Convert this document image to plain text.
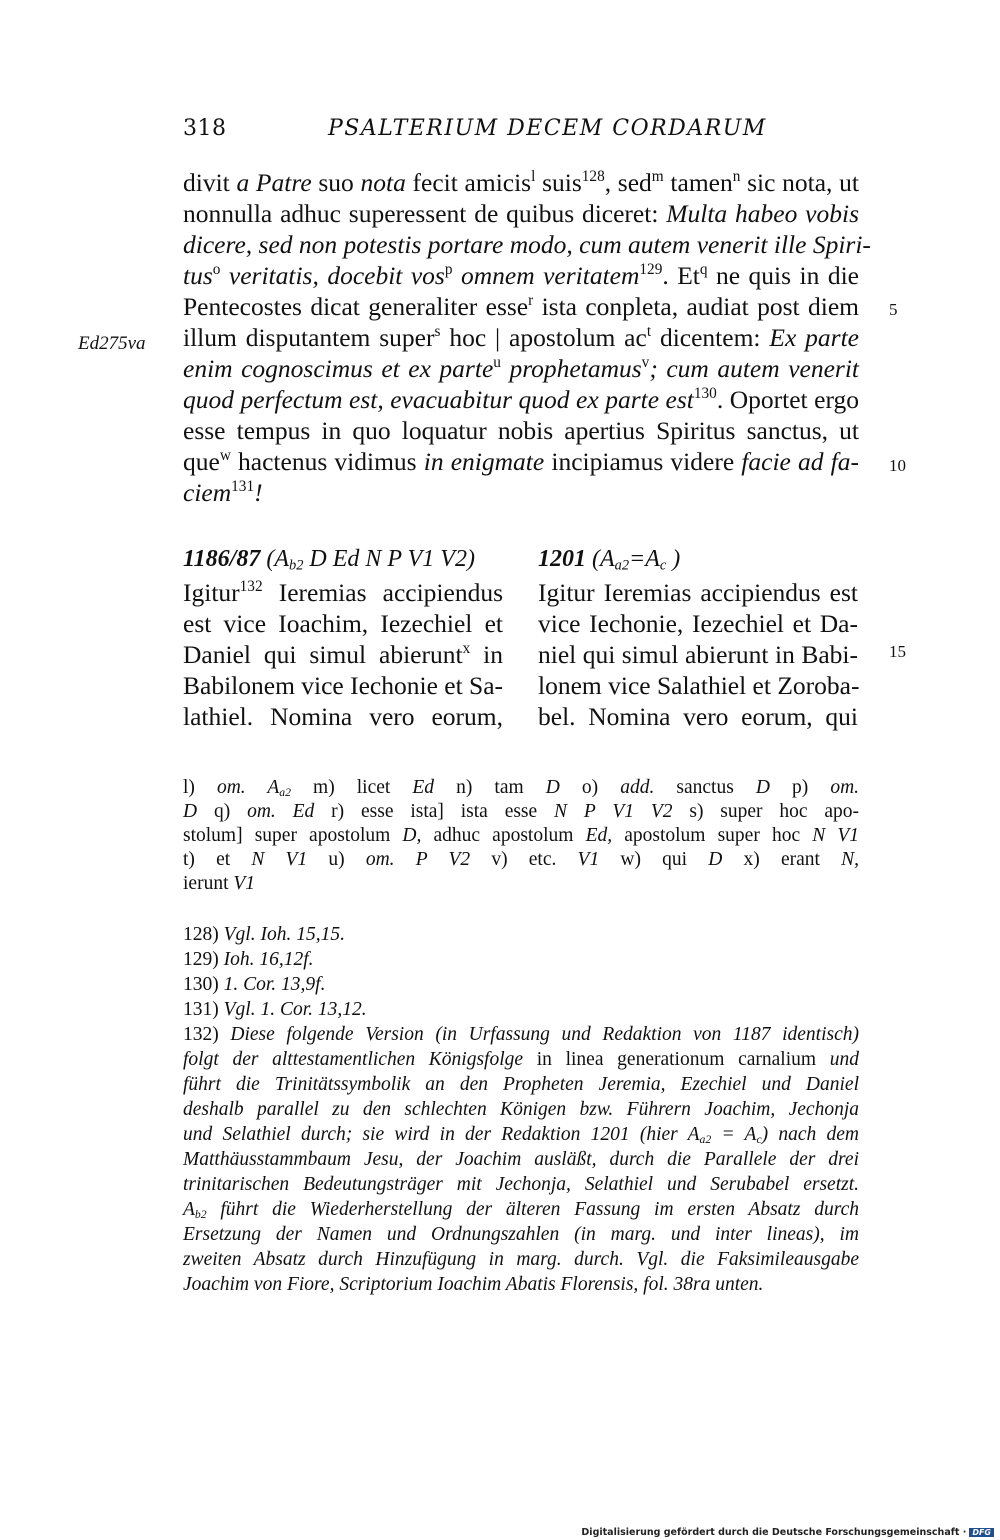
318	PSALTERIUM DECEM CORDARUM
Ed275va
5
10
15
divit a Patre suo nota fecit amicis$^l$ suis$^{128}$, sed$^m$ tamen$^n$ sic nota, ut
nonnulla adhuc superessent de quibus diceret: Multa habeo vobis
dicere, sed non potestis portare modo, cum autem venerit ille Spiri-
tus$^o$ veritatis, docebit vos$^p$ omnem veritatem$^{129}$. Et$^q$ ne quis in die
Pentecostes dicat generaliter esse$^r$ ista conpleta, audiat post diem
illum disputantem super$^s$ hoc | apostolum $ac^t$ dicentem: Ex parte
enim cognoscimus et ex parte$^u$ prophetamus$^v$; cum autem venerit
quod perfectum est, evacuabitur quod ex parte est$^{130}$. Oportet ergo
esse tempus in quo loquatur nobis apertius Spiritus sanctus, ut
que$^w$ hactenus vidimus in enigmate incipiamus videre facie ad fa-
ciem$^{131}$!
1186/87 ($A_{b2}$ D Ed N P V1 V2)
Igitur$^{132}$ Ieremias accipiendus
est vice Ioachim, Iezechiel et
Daniel qui simul abierunt$^x$ in
Babilonem vice Iechonie et Sa-
lathiel. Nomina vero eorum,
1201 ($A_{a2}=A_c$ )
Igitur Ieremias accipiendus est
vice Iechonie, Iezechiel et Da-
niel qui simul abierunt in Babi-
lonem vice Salathiel et Zoroba-
bel. Nomina vero eorum, qui
l) om. $A_{a2}$ m) licet Ed n) tam D o) add. sanctus D p) om.
D q) om. Ed r) esse ista] ista esse N P V1 V2 s) super hoc apo-
stolum] super apostolum D, adhuc apostolum Ed, apostolum super hoc N V1
t) et N V1 u) om. P V2 v) etc. V1 w) qui D x) erant N,
ierunt V1
128) Vgl. Ioh. 15,15.
129) Ioh. 16,12f.
130) 1. Cor. 13,9f.
131) Vgl. 1. Cor. 13,12.
132) Diese folgende Version (in Urfassung und Redaktion von 1187 identisch)
folgt der alttestamentlichen Königsfolge in linea generationum carnalium und
führt die Trinitätssymbolik an den Propheten Jeremia, Ezechiel und Daniel
deshalb parallel zu den schlechten Königen bzw. Führern Joachim, Jechonja
und Selathiel durch; sie wird in der Redaktion 1201 (hier $A_{a2} = A_c$) nach dem
Matthäusstammbaum Jesu, der Joachim ausläßt, durch die Parallele der drei
trinitarischen Bedeutungsträger mit Jechonja, Selathiel und Serubabel ersetzt.
$A_{b2}$ führt die Wiederherstellung der älteren Fassung im ersten Absatz durch
Ersetzung der Namen und Ordnungszahlen (in marg. und inter lineas), im
zweiten Absatz durch Hinzufügung in marg. durch. Vgl. die Faksimileausgabe
Joachim von Fiore, Scriptorium Ioachim Abatis Florensis, fol. 38ra unten.
Digitalisierung gefördert durch die Deutsche Forschungsgemeinschaft · DFG
